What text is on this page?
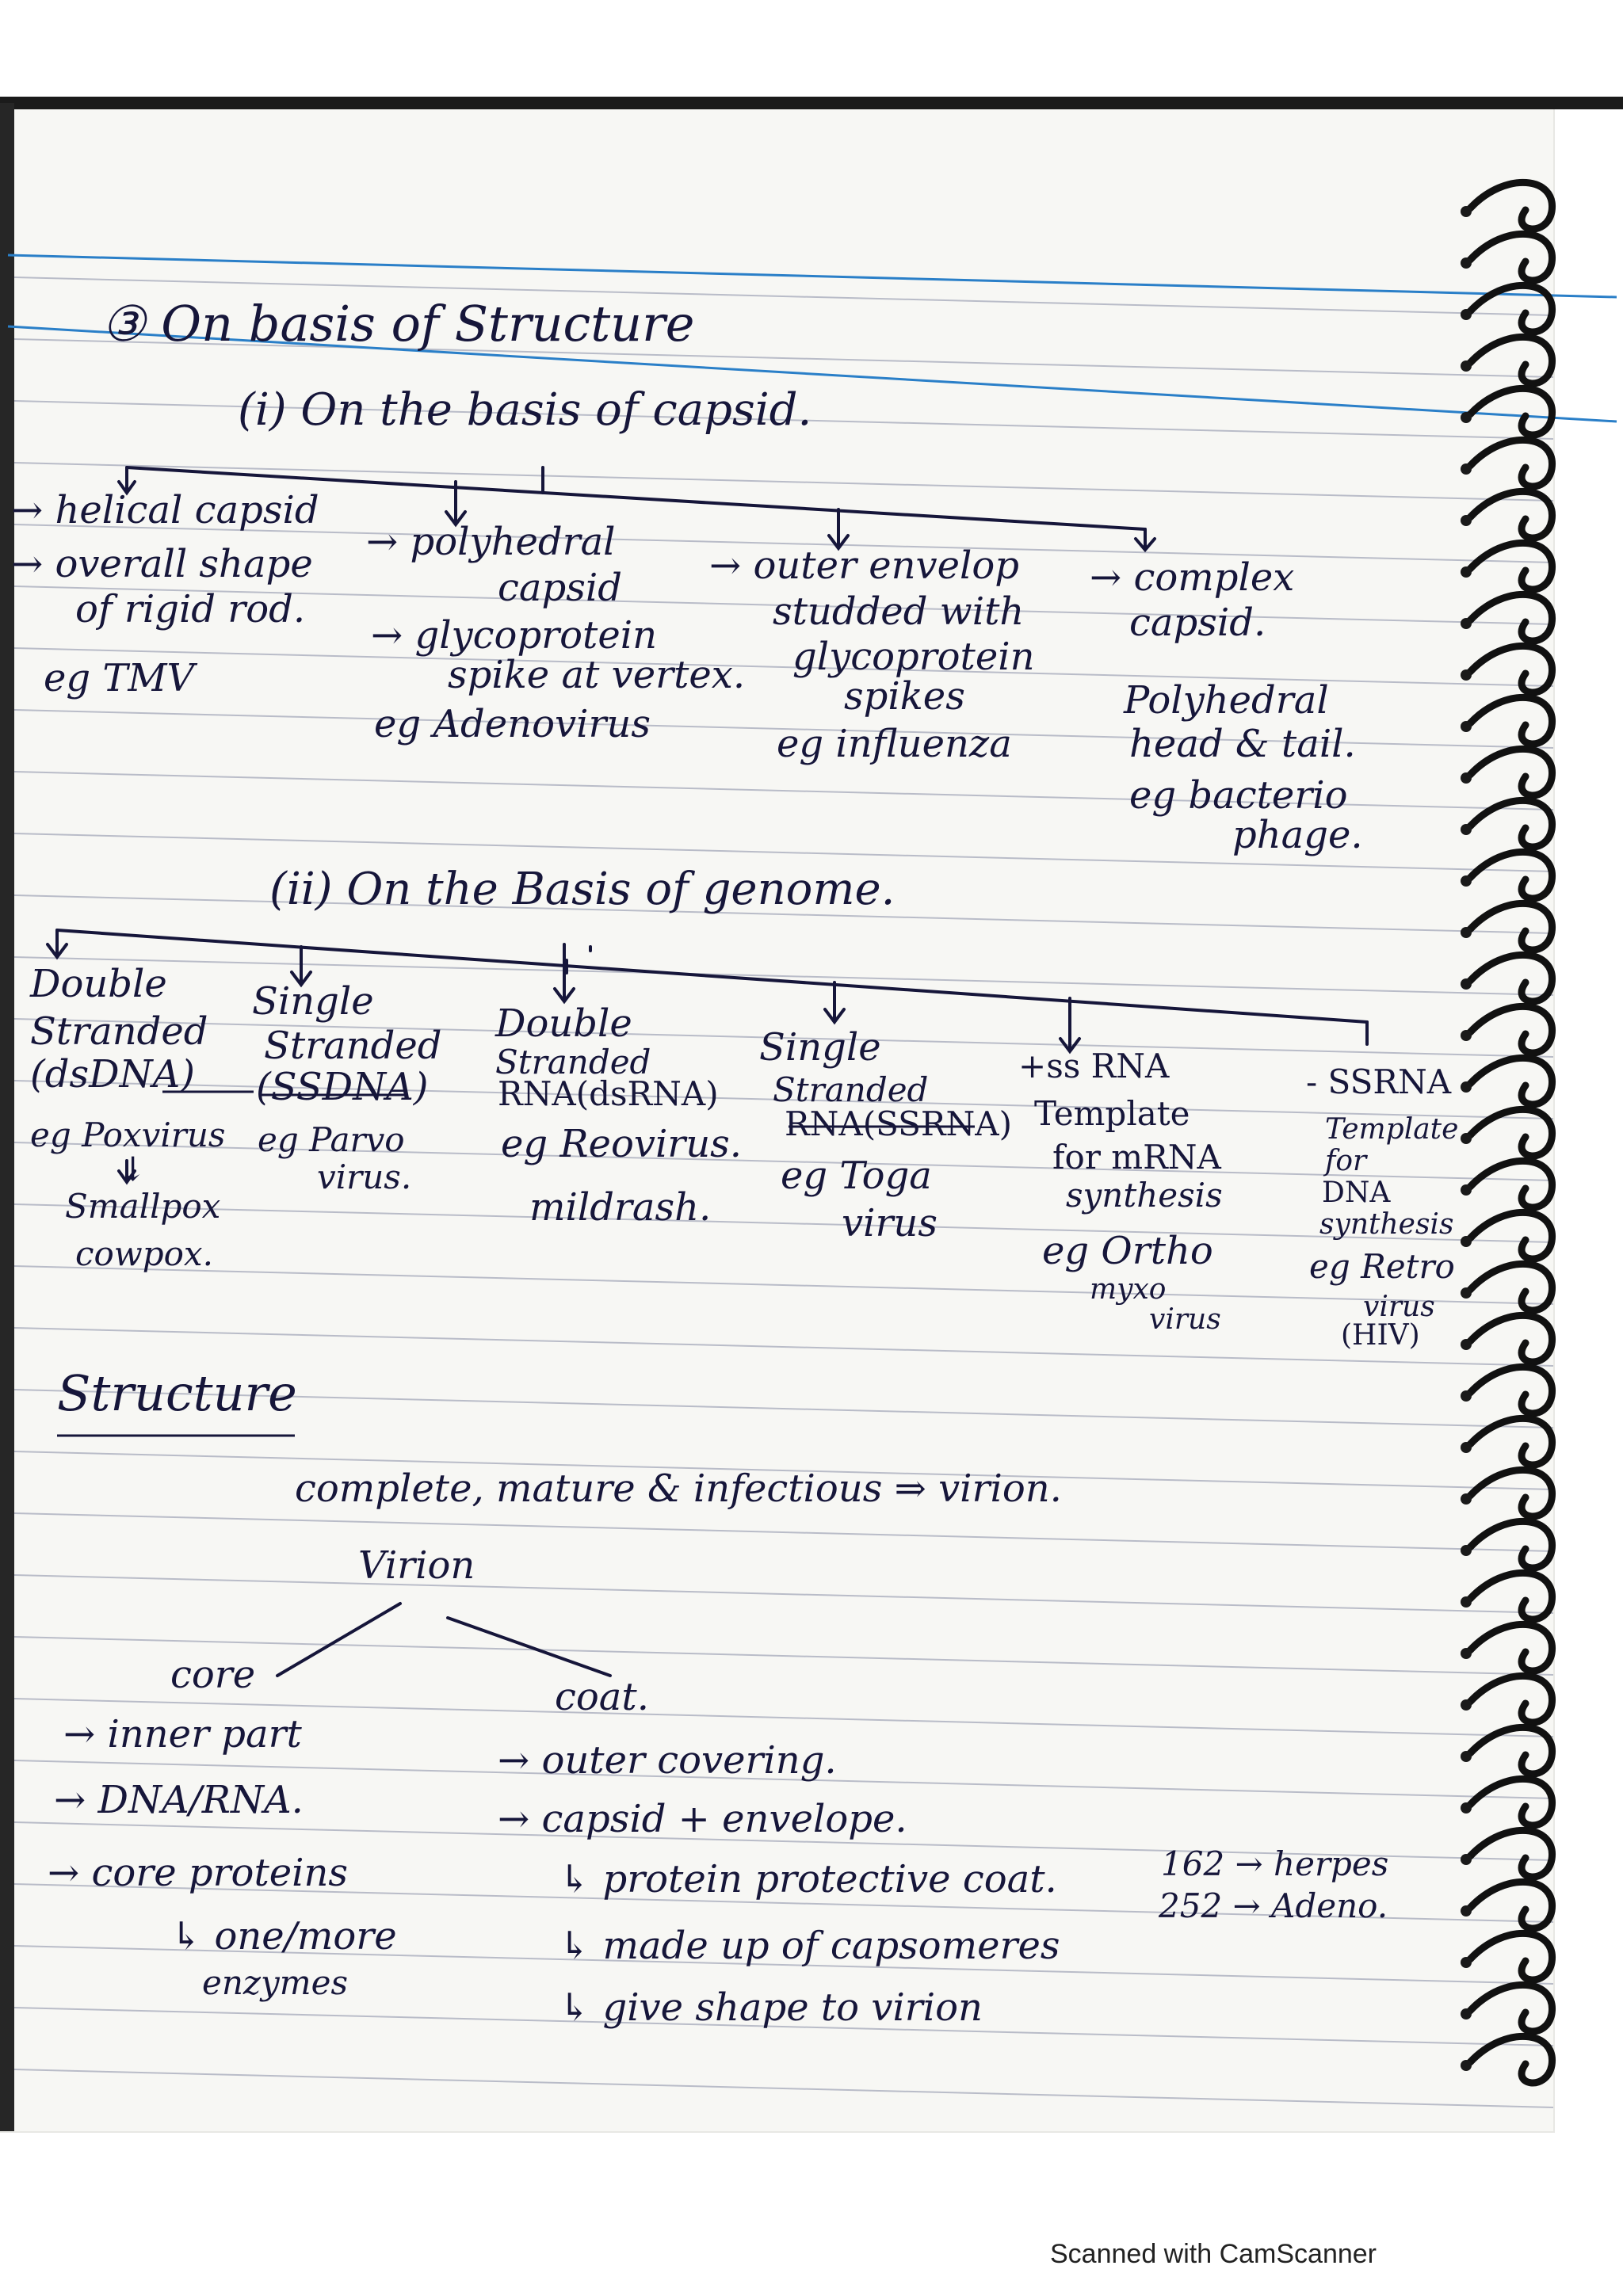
③ On basis of Structure
(i) On the basis of capsid.
→ helical capsid
→ overall shape
of rigid rod.
eg TMV
→ polyhedral
capsid
→ glycoprotein
spike at vertex.
eg Adenovirus
→ outer envelop
studded with
glycoprotein
spikes
eg influenza
→ complex
capsid.
Polyhedral
head & tail.
eg bacterio
phage.
(ii) On the Basis of genome.
Double
Stranded
(dsDNA)
eg Poxvirus
↓
Smallpox
cowpox.
Single
Stranded
(SSDNA)
eg Parvo
virus.
Double
Stranded
RNA(dsRNA)
eg Reovirus.
mildrash.
Single
Stranded
RNA(SSRNA)
eg Toga
virus
+ss RNA
Template
for mRNA
synthesis
eg Ortho
myxo
virus
- SSRNA
Template
for
DNA
synthesis
eg Retro
virus
(HIV)
Structure
complete, mature & infectious ⇒ virion.
Virion
core
→ inner part
→ DNA/RNA.
→ core proteins
↳ one/more
enzymes
coat.
→ outer covering.
→ capsid + envelope.
↳ protein protective coat.
↳ made up of capsomeres
↳ give shape to virion
162 → herpes
252 → Adeno.
Scanned with CamScanner
